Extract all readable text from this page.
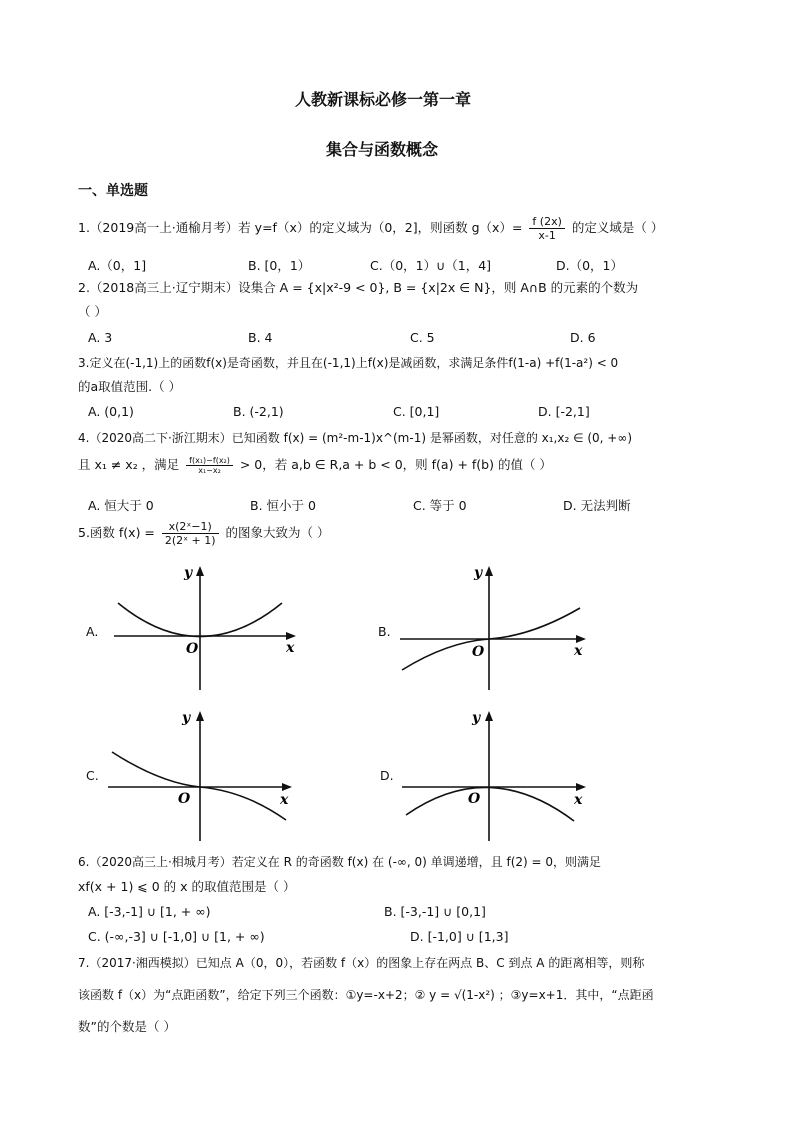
人教新课标必修一第一章
集合与函数概念
一、单选题
1.（2019高一上·通榆月考）若 y=f（x）的定义域为（0，2]，则函数 $g(x)= \frac{f (2x)}{x-1}$ 的定义域是（ ）
A.（0，1]	B. [0，1）	C.（0，1）∪（1，4]	D.（0，1）
2.（2018高三上·辽宁期末）设集合 A = {x|x²-9 < 0}, B = {x|2x ∈ N}，则 A∩B 的元素的个数为
（ ）
A. 3	B. 4	C. 5	D. 6
3.定义在(-1,1)上的函数f(x)是奇函数，并且在(-1,1)上f(x)是减函数，求满足条件f(1-a) +f(1-a²) < 0
的a取值范围.（ ）
A. (0,1)	B. (-2,1)	C. [0,1]	D. [-2,1]
4.（2020高二下·浙江期末）已知函数 f(x) = (m²-m-1)x^(m-1) 是幂函数，对任意的 x₁,x₂ ∈ (0, +∞)
且 x₁ ≠ x₂ ，满足 $\frac{\text{f(x₁)−f(x₂)}}{\text{x₁−x₂}} > 0$，若 a,b ∈ R,a + b < 0，则 f(a) + f(b) 的值（ ）
A. 恒大于 0	B. 恒小于 0	C. 等于 0	D. 无法判断
5.函数 $f(x) = \frac{\text{x(2ˣ−1)}}{\text{2(2ˣ + 1)}}$ 的图象大致为（ ）
A.	B.
C.	D.
y
x
O
y
x
O
y
x
O
y
x
O
6.（2020高三上·相城月考）若定义在 R 的奇函数 f(x) 在 (-∞, 0) 单调递增，且 f(2) = 0，则满足
xf(x + 1) ⩽ 0 的 x 的取值范围是（ ）
A. [-3,-1] ∪ [1, + ∞)	B. [-3,-1] ∪ [0,1]
C. (-∞,-3] ∪ [-1,0] ∪ [1, + ∞)	D. [-1,0] ∪ [1,3]
7.（2017·湘西模拟）已知点 A（0，0），若函数 f（x）的图象上存在两点 B、C 到点 A 的距离相等，则称
该函数 f（x）为“点距函数”，给定下列三个函数：①y=-x+2；② y = √(1-x²) ；③y=x+1．其中，“点距函
数”的个数是（ ）
